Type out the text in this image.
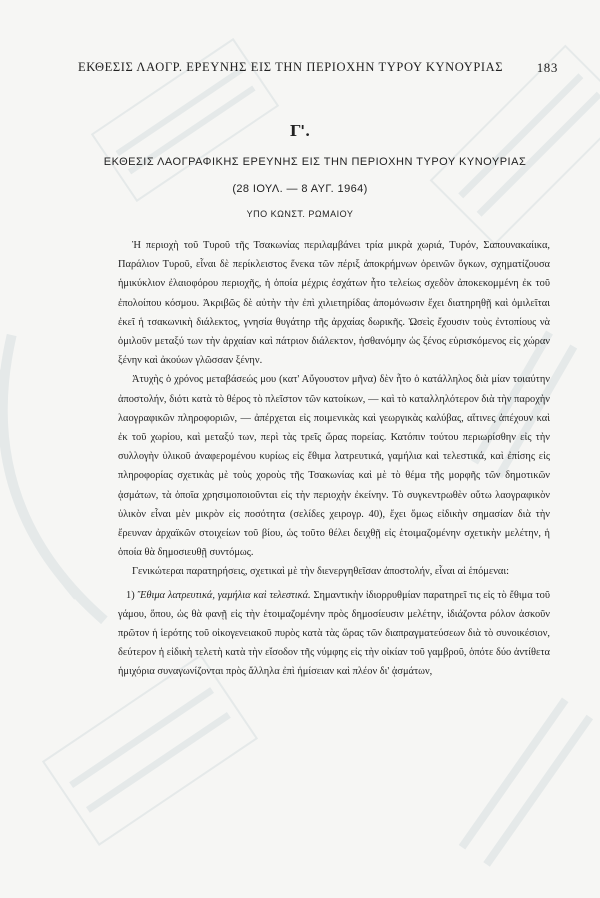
ΕΚΘΕΣΙΣ ΛΑΟΓΡ. ΕΡΕΥΝΗΣ ΕΙΣ ΤΗΝ ΠΕΡΙΟΧΗΝ ΤΥΡΟΥ ΚΥΝΟΥΡΙΑΣ	183
Γ'.
ΕΚΘΕΣΙΣ ΛΑΟΓΡΑΦΙΚΗΣ ΕΡΕΥΝΗΣ ΕΙΣ ΤΗΝ ΠΕΡΙΟΧΗΝ ΤΥΡΟΥ ΚΥΝΟΥΡΙΑΣ
(28 ΙΟΥΛ. — 8 ΑΥΓ. 1964)
ΥΠΟ ΚΩΝΣΤ. ΡΩΜΑΙΟΥ

Ἡ περιοχὴ τοῦ Τυροῦ τῆς Τσακωνίας περιλαμβάνει τρία μικρὰ χωριά, Τυρόν, Σαπουνακαίικα, Παράλιον Τυροῦ, εἶναι δὲ περίκλειστος ἕνεκα τῶν πέριξ ἀποκρήμνων ὀρεινῶν ὄγκων, σχηματίζουσα ἡμικύκλιον ἐλαιοφόρου περιοχῆς, ἡ ὁποία μέχρις ἐσχάτων ἦτο τελείως σχεδὸν ἀποκεκομμένη ἐκ τοῦ ἐπολοίπου κόσμου. Ἀκριβῶς δὲ αὐτὴν τὴν ἐπὶ χιλιετηρίδας ἀπομόνωσιν ἔχει διατηρηθῇ καὶ ὁμιλεῖται ἐκεῖ ἡ τσακωνικὴ διάλεκτος, γνησία θυγάτηρ τῆς ἀρχαίας δωρικῆς. Ὡσεὶς ἔχουσιν τοὺς ἐντοπίους νὰ ὁμιλοῦν μεταξύ των τὴν ἀρχαίαν καὶ πάτριον διάλεκτον, ἠσθανόμην ὡς ξένος εὑρισκόμενος εἰς χώραν ξένην καὶ ἀκούων γλῶσσαν ξένην.

Ἀτυχὴς ὁ χρόνος μεταβάσεώς μου (κατ' Αὔγουστον μῆνα) δὲν ἦτο ὁ κατάλληλος διὰ μίαν τοιαύτην ἀποστολήν, διότι κατὰ τὸ θέρος τὸ πλεῖστον τῶν κατοίκων, — καὶ τὸ καταλληλότερον διὰ τὴν παροχὴν λαογραφικῶν πληροφοριῶν, — ἀπέρχεται εἰς ποιμενικὰς καὶ γεωργικὰς καλύβας, αἵτινες ἀπέχουν καὶ ἐκ τοῦ χωρίου, καὶ μεταξύ των, περὶ τὰς τρεῖς ὥρας πορείας. Κατόπιν τούτου περιωρίσθην εἰς τὴν συλλογὴν ὑλικοῦ ἀναφερομένου κυρίως εἰς ἔθιμα λατρευτικά, γαμήλια καὶ τελεστικά, καὶ ἐπίσης εἰς πληροφορίας σχετικὰς μὲ τοὺς χοροὺς τῆς Τσακωνίας καὶ μὲ τὸ θέμα τῆς μορφῆς τῶν δημοτικῶν ᾀσμάτων, τὰ ὁποῖα χρησιμοποιοῦνται εἰς τὴν περιοχὴν ἐκείνην. Τὸ συγκεντρωθὲν οὕτω λαογραφικὸν ὑλικὸν εἶναι μὲν μικρὸν εἰς ποσότητα (σελίδες χειρογρ. 40), ἔχει ὅμως εἰδικὴν σημασίαν διὰ τὴν ἔρευναν ἀρχαϊκῶν στοιχείων τοῦ βίου, ὡς τοῦτο θέλει δειχθῇ εἰς ἑτοιμαζομένην σχετικὴν μελέτην, ἡ ὁποία θὰ δημοσιευθῇ συντόμως.

Γενικώτεραι παρατηρήσεις, σχετικαὶ μὲ τὴν διενεργηθεῖσαν ἀποστολήν, εἶναι αἱ ἑπόμεναι:

1) Ἔθιμα λατρευτικά, γαμήλια καὶ τελεστικά. Σημαντικὴν ἰδιορρυθμίαν παρατηρεῖ τις εἰς τὸ ἔθιμα τοῦ γάμου, ὅπου, ὡς θὰ φανῇ εἰς τὴν ἑτοιμαζομένην πρὸς δημοσίευσιν μελέτην, ἰδιάζοντα ρόλον ἀσκοῦν πρῶτον ἡ ἱερότης τοῦ οἰκογενειακοῦ πυρὸς κατὰ τὰς ὥρας τῶν διαπραγματεύσεων διὰ τὸ συνοικέσιον, δεύτερον ἡ εἰδικὴ τελετὴ κατὰ τὴν εἴσοδον τῆς νύμφης εἰς τὴν οἰκίαν τοῦ γαμβροῦ, ὁπότε δύο ἀντίθετα ἡμιχόρια συναγωνίζονται πρὸς ἄλληλα ἐπὶ ἡμίσειαν καὶ πλέον δι' ᾀσμάτων,
